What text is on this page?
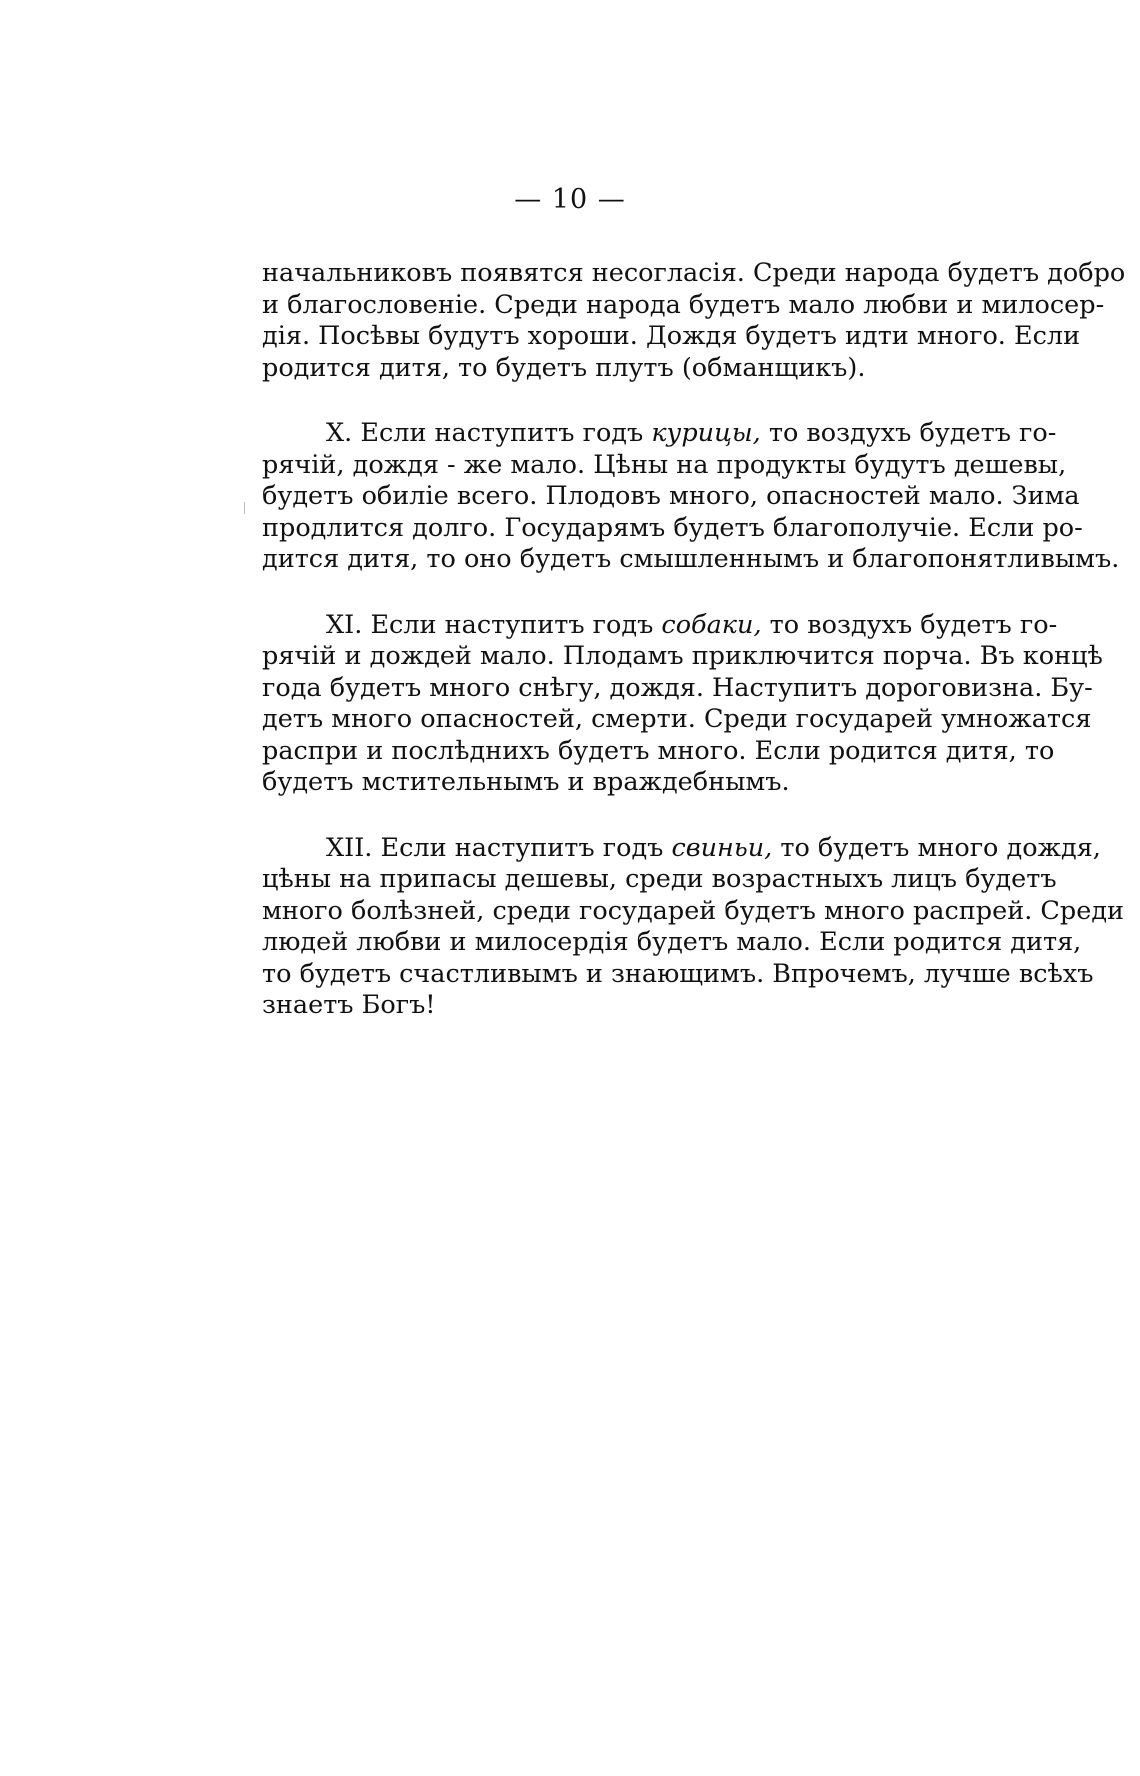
— 10 —
начальниковъ появятся несогласія. Среди народа будетъ добро
и благословеніе. Среди народа будетъ мало любви и милосер-
дія. Посѣвы будутъ хороши. Дождя будетъ идти много. Если
родится дитя, то будетъ плутъ (обманщикъ).
X. Если наступитъ годъ курицы, то воздухъ будетъ го-
рячій, дождя - же мало. Цѣны на продукты будутъ дешевы,
будетъ обиліе всего. Плодовъ много, опасностей мало. Зима
продлится долго. Государямъ будетъ благополучіе. Если ро-
дится дитя, то оно будетъ смышленнымъ и благопонятливымъ.
XI. Если наступитъ годъ собаки, то воздухъ будетъ го-
рячій и дождей мало. Плодамъ приключится порча. Въ концѣ
года будетъ много снѣгу, дождя. Наступитъ дороговизна. Бу-
детъ много опасностей, смерти. Среди государей умножатся
распри и послѣднихъ будетъ много. Если родится дитя, то
будетъ мстительнымъ и враждебнымъ.
XII. Если наступитъ годъ свиньи, то будетъ много дождя,
цѣны на припасы дешевы, среди возрастныхъ лицъ будетъ
много болѣзней, среди государей будетъ много распрей. Среди
людей любви и милосердія будетъ мало. Если родится дитя,
то будетъ счастливымъ и знающимъ. Впрочемъ, лучше всѣхъ
знаетъ Богъ!
